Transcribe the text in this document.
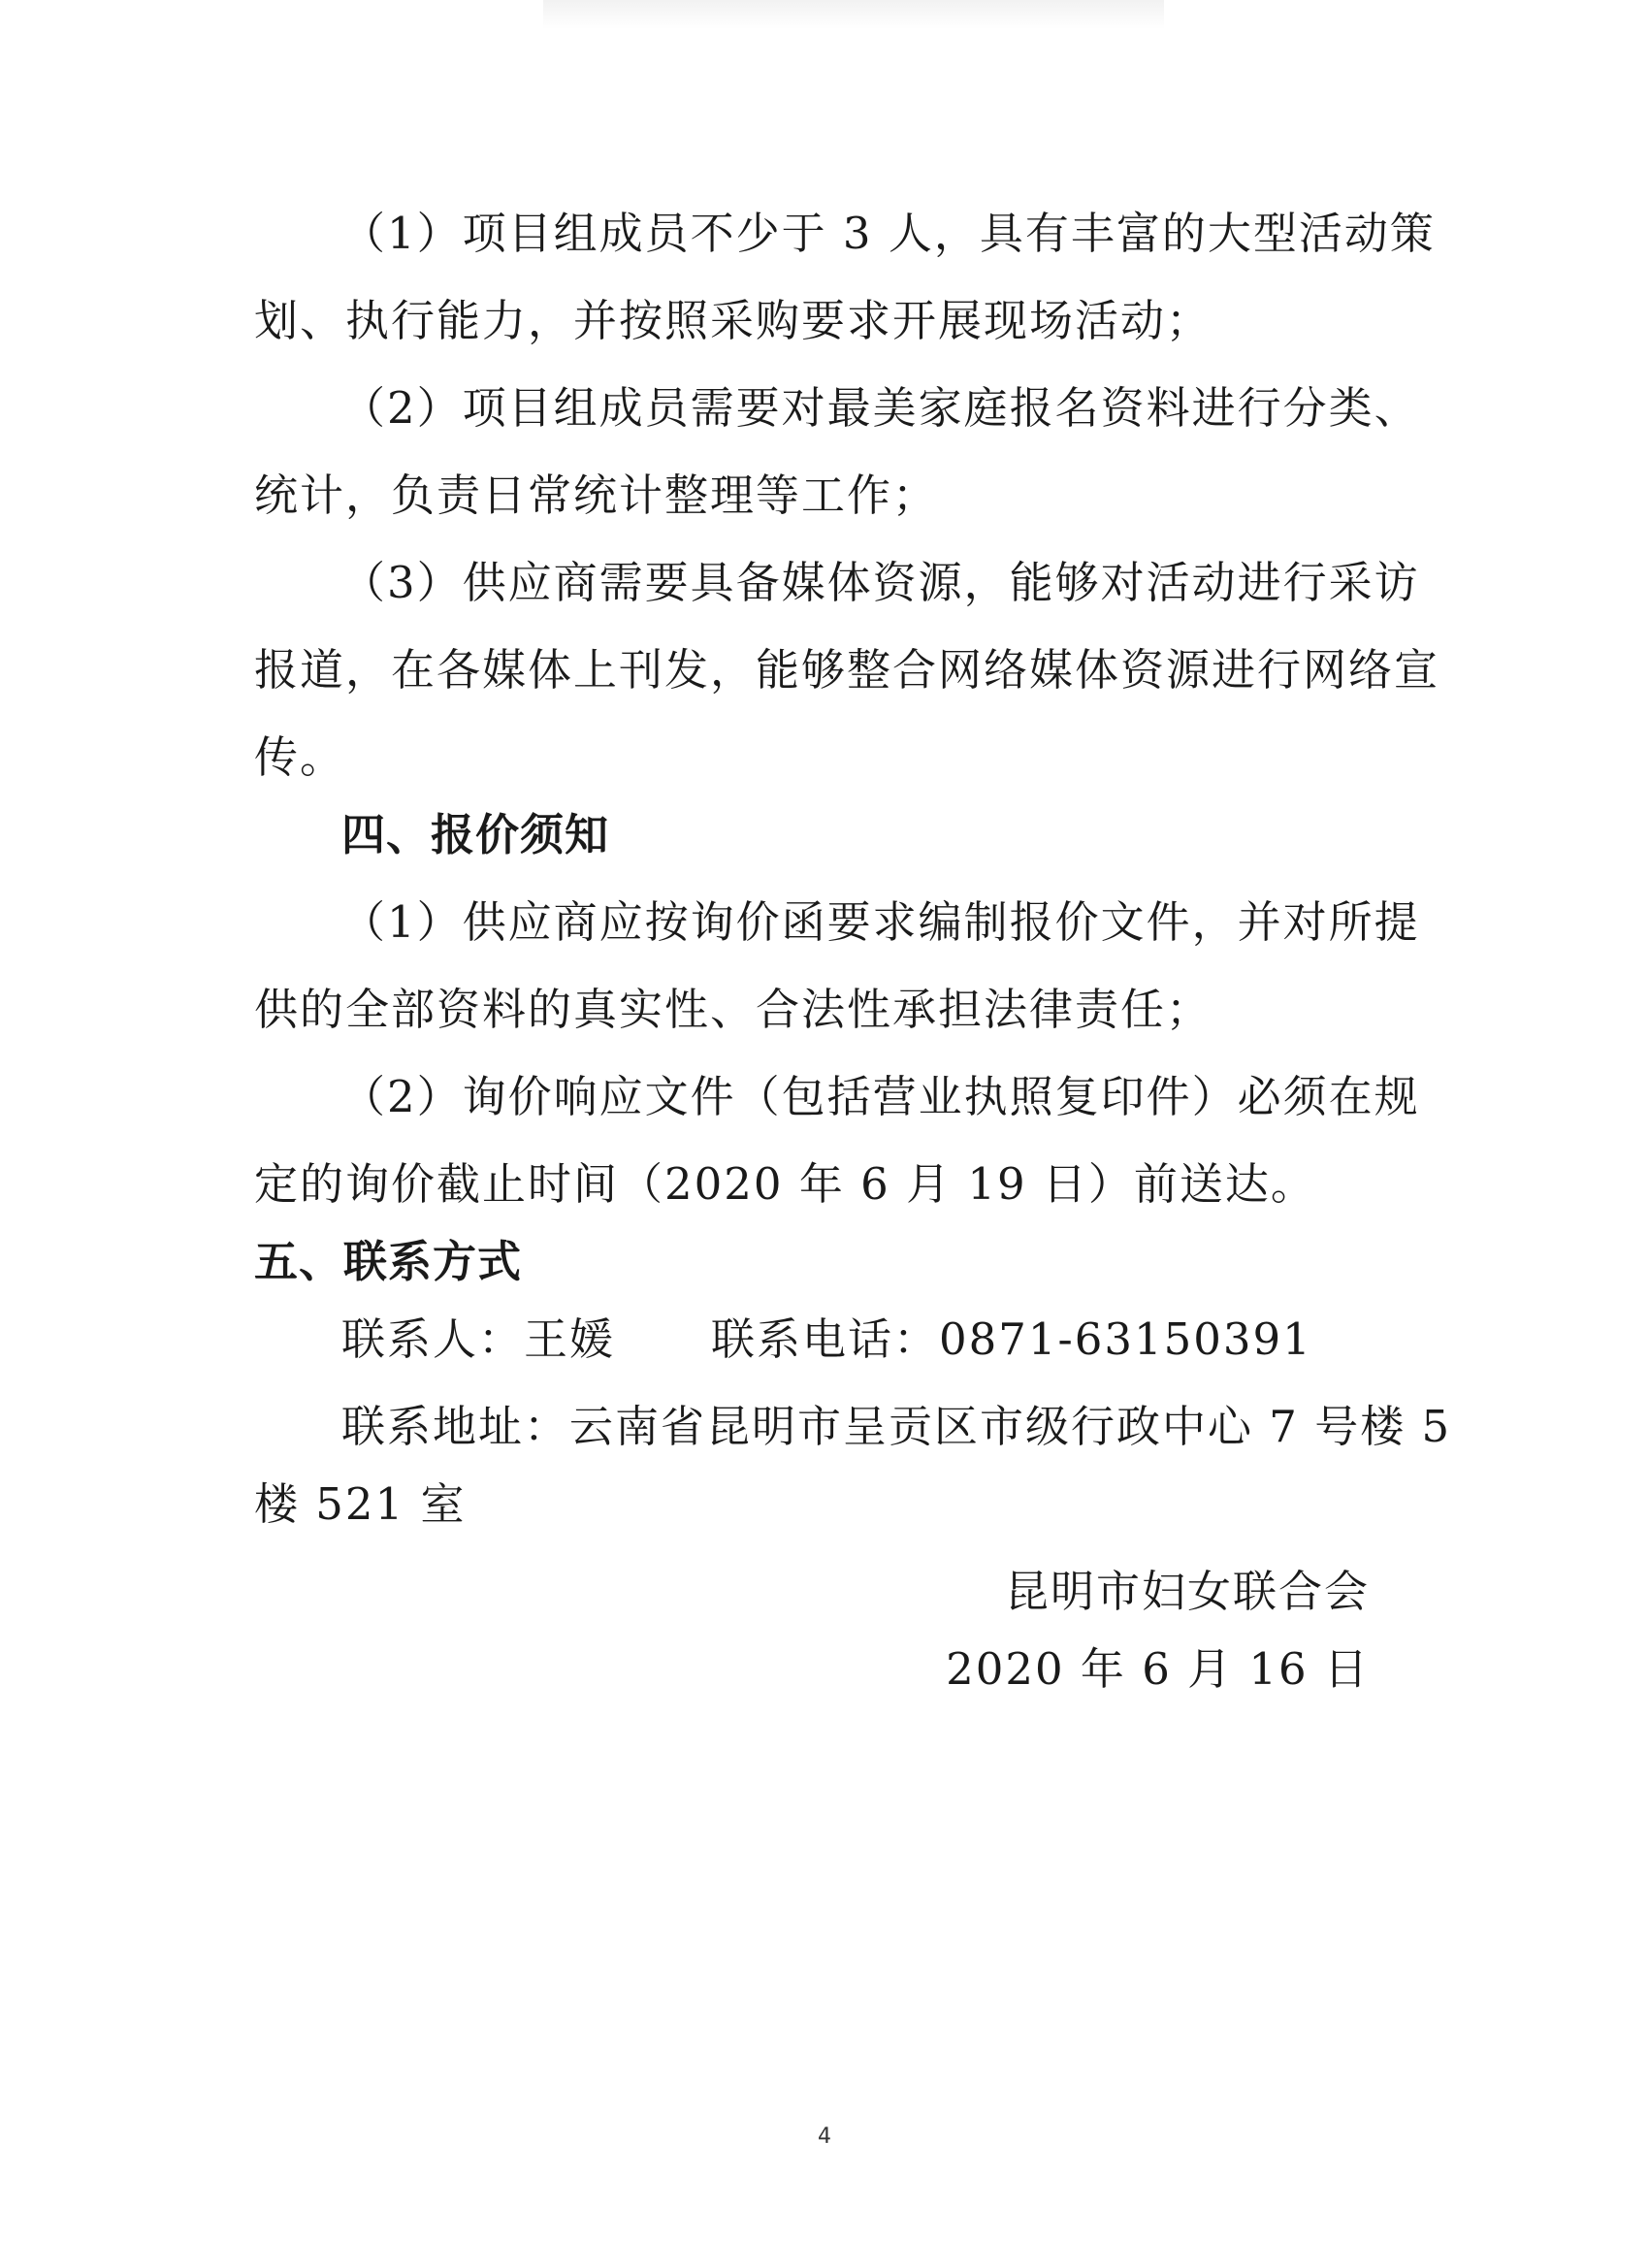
（1）项目组成员不少于 3 人，具有丰富的大型活动策
划、执行能力，并按照采购要求开展现场活动；
（2）项目组成员需要对最美家庭报名资料进行分类、
统计，负责日常统计整理等工作；
（3）供应商需要具备媒体资源，能够对活动进行采访
报道，在各媒体上刊发，能够整合网络媒体资源进行网络宣
传。
四、报价须知
（1）供应商应按询价函要求编制报价文件，并对所提
供的全部资料的真实性、合法性承担法律责任；
（2）询价响应文件（包括营业执照复印件）必须在规
定的询价截止时间（2020 年 6 月 19 日）前送达。
五、联系方式
联系人：王媛 联系电话：0871-63150391
联系地址：云南省昆明市呈贡区市级行政中心 7 号楼 5
楼 521 室
昆明市妇女联合会
2020 年 6 月 16 日
4
